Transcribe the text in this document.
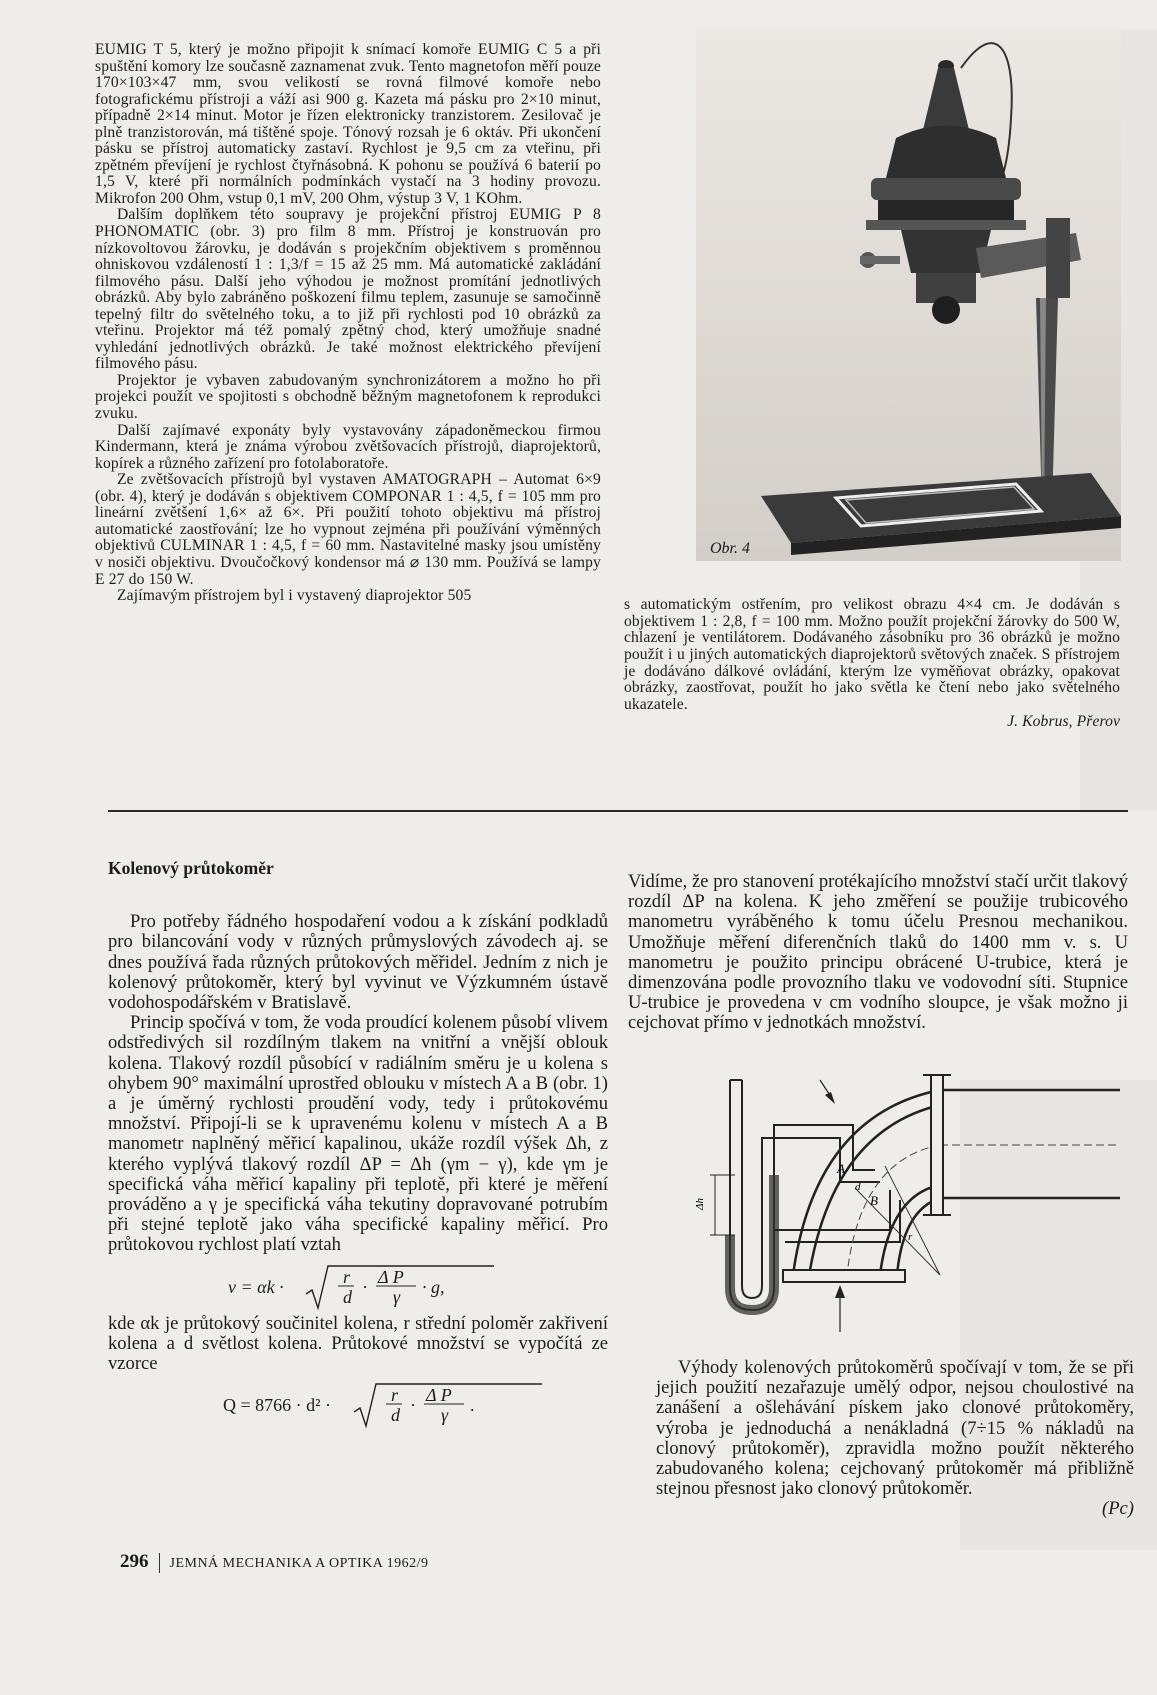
EUMIG T 5, který je možno připojit k snímací komoře EUMIG C 5 a při spuštění komory lze současně zaznamenat zvuk. Tento magnetofon měří pouze 170×103×47 mm, svou velikostí se rovná filmové komoře nebo fotografickému přístroji a váží asi 900 g. Kazeta má pásku pro 2×10 minut, případně 2×14 minut. Motor je řízen elektronicky tranzistorem. Zesilovač je plně tranzistorován, má tištěné spoje. Tónový rozsah je 6 oktáv. Při ukončení pásku se přístroj automaticky zastaví. Rychlost je 9,5 cm za vteřinu, při zpětném převíjení je rychlost čtyřnásobná. K pohonu se používá 6 baterií po 1,5 V, které při normálních podmínkách vystačí na 3 hodiny provozu. Mikrofon 200 Ohm, vstup 0,1 mV, 200 Ohm, výstup 3 V, 1 KOhm.

Dalším doplňkem této soupravy je projekční přístroj EUMIG P 8 PHONOMATIC (obr. 3) pro film 8 mm. Přístroj je konstruován pro nízkovoltovou žárovku, je dodáván s projekčním objektivem s proměnnou ohniskovou vzdáleností 1 : 1,3/f = 15 až 25 mm. Má automatické zakládání filmového pásu. Další jeho výhodou je možnost promítání jednotlivých obrázků. Aby bylo zabráněno poškození filmu teplem, zasunuje se samočinně tepelný filtr do světelného toku, a to již při rychlosti pod 10 obrázků za vteřinu. Projektor má též pomalý zpětný chod, který umožňuje snadné vyhledání jednotlivých obrázků. Je také možnost elektrického převíjení filmového pásu.

Projektor je vybaven zabudovaným synchronizátorem a možno ho při projekci použít ve spojitosti s obchodně běžným magnetofonem k reprodukci zvuku.

Další zajímavé exponáty byly vystavovány západoněmeckou firmou Kindermann, která je známa výrobou zvětšovacích přístrojů, diaprojektorů, kopírek a různého zařízení pro fotolaboratoře.

Ze zvětšovacích přístrojů byl vystaven AMATOGRAPH – Automat 6×9 (obr. 4), který je dodáván s objektivem COMPONAR 1 : 4,5, f = 105 mm pro lineární zvětšení 1,6× až 6×. Při použití tohoto objektivu má přístroj automatické zaostřování; lze ho vypnout zejména při používání výměnných objektivů CULMINAR 1 : 4,5, f = 60 mm. Nastavitelné masky jsou umístěny v nosiči objektivu. Dvoučočkový kondensor má ⌀ 130 mm. Používá se lampy E 27 do 150 W.

Zajímavým přístrojem byl i vystavený diaprojektor 505

Obr. 4

s automatickým ostřením, pro velikost obrazu 4×4 cm. Je dodáván s objektivem 1 : 2,8, f = 100 mm. Možno použít projekční žárovky do 500 W, chlazení je ventilátorem. Dodávaného zásobníku pro 36 obrázků je možno použít i u jiných automatických diaprojektorů světových značek. S přístrojem je dodáváno dálkové ovládání, kterým lze vyměňovat obrázky, opakovat obrázky, zaostřovat, použít ho jako světla ke čtení nebo jako světelného ukazatele.

J. Kobrus, Přerov

Kolenový průtokoměr

Pro potřeby řádného hospodaření vodou a k získání podkladů pro bilancování vody v různých průmyslových závodech aj. se dnes používá řada různých průtokových měřidel. Jedním z nich je kolenový průtokoměr, který byl vyvinut ve Výzkumném ústavě vodohospodářském v Bratislavě.

Princip spočívá v tom, že voda proudící kolenem působí vlivem odstředivých sil rozdílným tlakem na vnitřní a vnější oblouk kolena. Tlakový rozdíl působící v radiálním směru je u kolena s ohybem 90° maximální uprostřed oblouku v místech A a B (obr. 1) a je úměrný rychlosti proudění vody, tedy i průtokovému množství. Připojí-li se k upravenému kolenu v místech A a B manometr naplněný měřicí kapalinou, ukáže rozdíl výšek Δh, z kterého vyplývá tlakový rozdíl ΔP = Δh (γm − γ), kde γm je specifická váha měřicí kapaliny při teplotě, při které je měření prováděno a γ je specifická váha tekutiny dopravované potrubím při stejné teplotě jako váha specifické kapaliny měřicí. Pro průtokovou rychlost platí vztah

v = αk ·	r
d · Δ P
γ · g,

kde αk je průtokový součinitel kolena, r střední poloměr zakřivení kolena a d světlost kolena. Průtokové množství se vypočítá ze vzorce

Q = 8766 · d² ·	r
d · Δ P
γ .

Vidíme, že pro stanovení protékajícího množství stačí určit tlakový rozdíl ΔP na kolena. K jeho změření se použije trubicového manometru vyráběného k tomu účelu Presnou mechanikou. Umožňuje měření diferenčních tlaků do 1400 mm v. s. U manometru je použito principu obrácené U-trubice, která je dimenzována podle provozního tlaku ve vodovodní síti. Stupnice U-trubice je provedena v cm vodního sloupce, je však možno ji cejchovat přímo v jednotkách množství.

Δh
A
B
d
r

Výhody kolenových průtokoměrů spočívají v tom, že se při jejich použití nezařazuje umělý odpor, nejsou choulostivé na zanášení a ošlehávání pískem jako clonové průtokoměry, výroba je jednoduchá a nenákladná (7÷15 % nákladů na clonový průtokoměr), zpravidla možno použít některého zabudovaného kolena; cejchovaný průtokoměr má přibližně stejnou přesnost jako clonový průtokoměr.

(Pc)

296 JEMNÁ MECHANIKA A OPTIKA 1962/9
